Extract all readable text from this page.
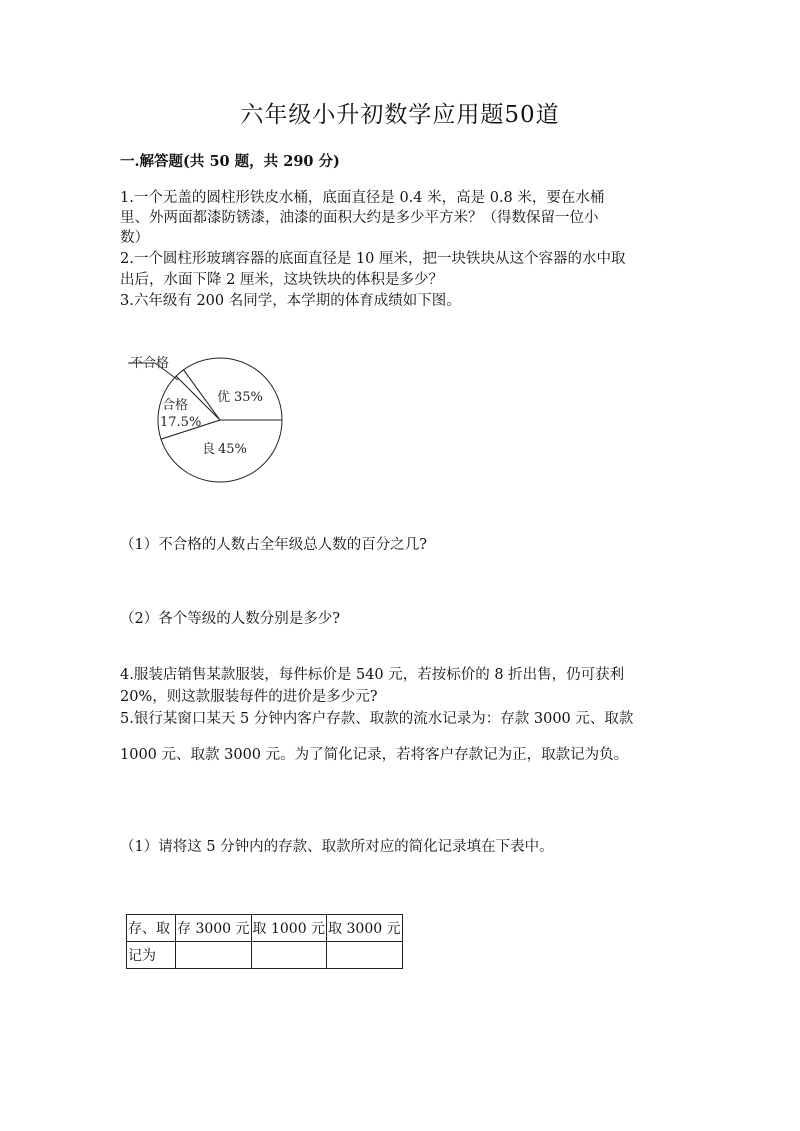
六年级小升初数学应用题50道
一.解答题(共 50 题，共 290 分)
1.一个无盖的圆柱形铁皮水桶，底面直径是 0.4 米，高是 0.8 米，要在水桶
里、外两面都漆防锈漆，油漆的面积大约是多少平方米？（得数保留一位小
数）
2.一个圆柱形玻璃容器的底面直径是 10 厘米，把一块铁块从这个容器的水中取
出后，水面下降 2 厘米，这块铁块的体积是多少？
3.六年级有 200 名同学，本学期的体育成绩如下图。
不合格
优 35%
良 45%
合格
17.5%
（1）不合格的人数占全年级总人数的百分之几?
（2）各个等级的人数分别是多少?
4.服装店销售某款服装，每件标价是 540 元，若按标价的 8 折出售，仍可获利
20%，则这款服装每件的进价是多少元?
5.银行某窗口某天 5 分钟内客户存款、取款的流水记录为：存款 3000 元、取款
1000 元、取款 3000 元。为了简化记录，若将客户存款记为正，取款记为负。
（1）请将这 5 分钟内的存款、取款所对应的简化记录填在下表中。
存、取	存 3000 元	取 1000 元	取 3000 元
记为			
